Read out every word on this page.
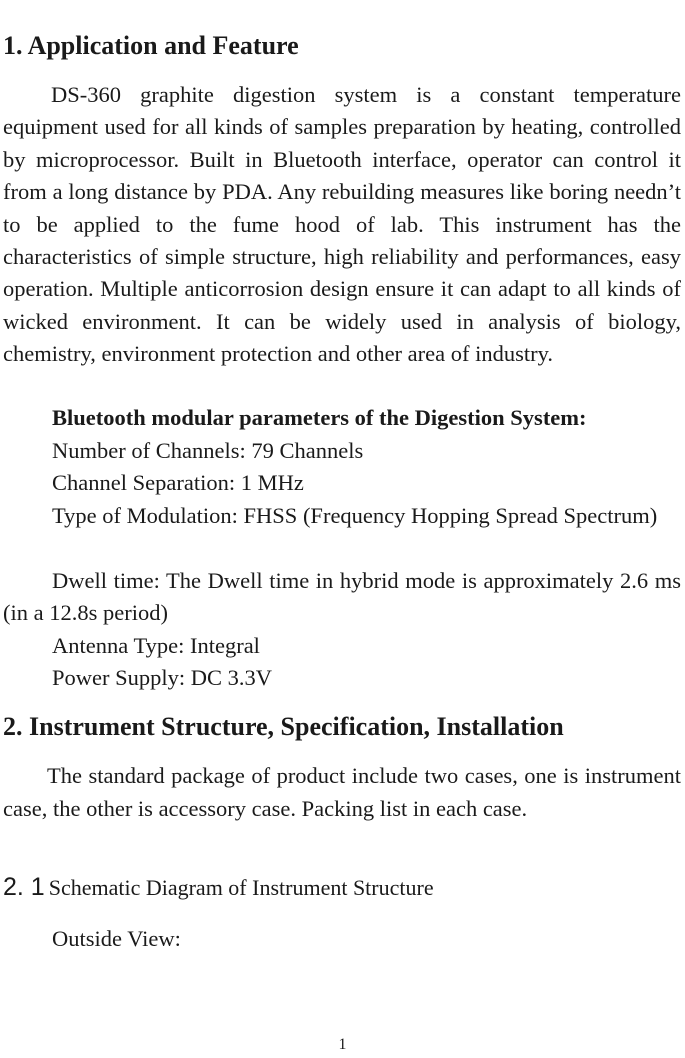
1. Application and Feature

DS-360 graphite digestion system is a constant temperature equipment used for all kinds of samples preparation by heating, controlled by microprocessor. Built in Bluetooth interface, operator can control it from a long distance by PDA. Any rebuilding measures like boring needn’t to be applied to the fume hood of lab. This instrument has the characteristics of simple structure, high reliability and performances, easy operation. Multiple anticorrosion design ensure it can adapt to all kinds of wicked environment. It can be widely used in analysis of biology, chemistry, environment protection and other area of industry.

Bluetooth modular parameters of the Digestion System:

Number of Channels: 79 Channels

Channel Separation: 1 MHz

Type of Modulation: FHSS (Frequency Hopping Spread Spectrum)

Dwell time: The Dwell time in hybrid mode is approximately 2.6 ms (in a 12.8s period)

Antenna Type: Integral

Power Supply: DC 3.3V

2. Instrument Structure, Specification, Installation

The standard package of product include two cases, one is instrument case, the other is accessory case. Packing list in each case.

2. 1 Schematic Diagram of Instrument Structure

Outside View:

1
